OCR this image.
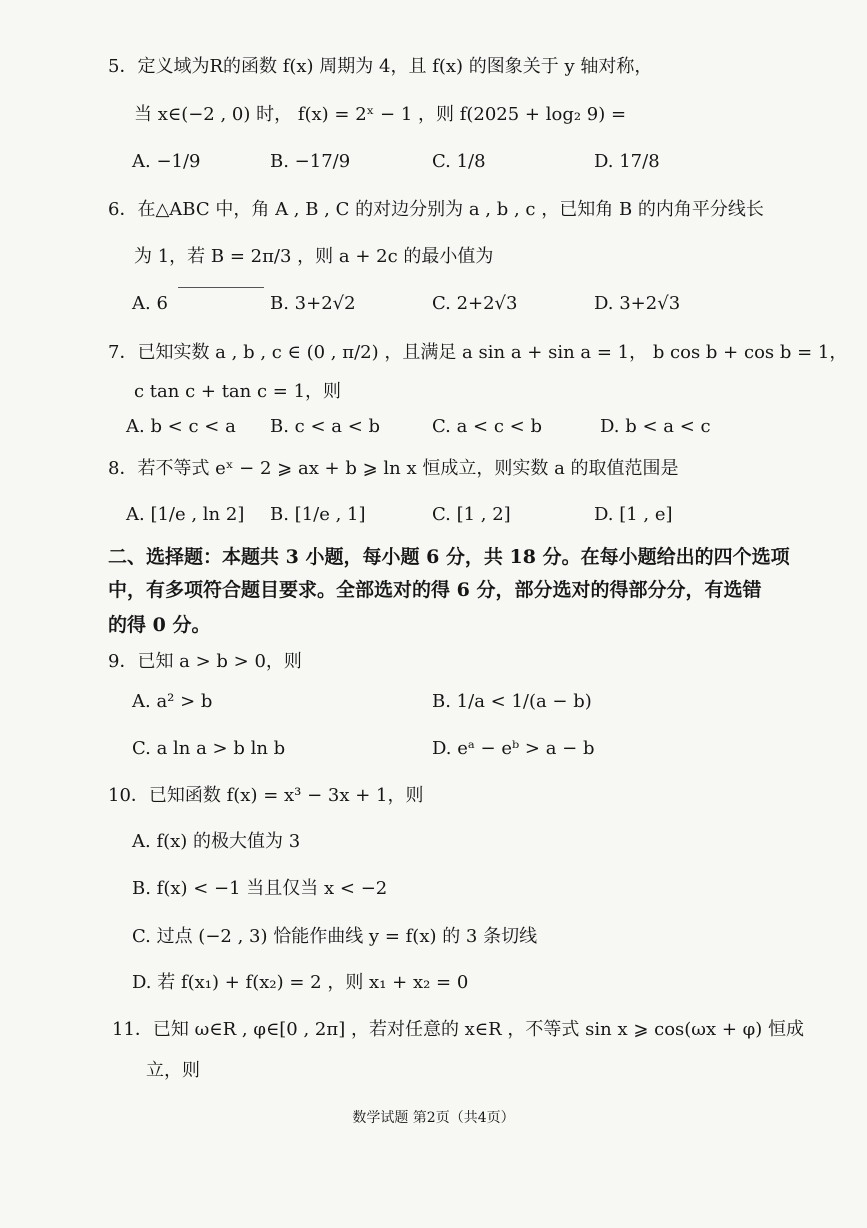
5．定义域为R的函数 f(x) 周期为 4，且 f(x) 的图象关于 y 轴对称，
当 x∈(−2 , 0) 时， f(x) = 2ˣ − 1 ，则 f(2025 + log₂ 9) =
A. −1/9	B. −17/9	C. 1/8	D. 17/8
6．在△ABC 中，角 A , B , C 的对边分别为 a , b , c ，已知角 B 的内角平分线长
为 1，若 B = 2π/3 ，则 a + 2c 的最小值为
A. 6	B. 3+2√2	C. 2+2√3	D. 3+2√3
7．已知实数 a , b , c ∈ (0 , π/2) ，且满足 a sin a + sin a = 1， b cos b + cos b = 1，
c tan c + tan c = 1，则
A. b < c < a B. c < a < b	C. a < c < b	D. b < a < c
8．若不等式 eˣ − 2 ⩾ ax + b ⩾ ln x 恒成立，则实数 a 的取值范围是
A. [1/e , ln 2] B. [1/e , 1]	C. [1 , 2]	D. [1 , e]
二、选择题：本题共 3 小题，每小题 6 分，共 18 分。在每小题给出的四个选项
中，有多项符合题目要求。全部选对的得 6 分，部分选对的得部分分，有选错
的得 0 分。
9．已知 a > b > 0，则
A. a² > b	B. 1/a < 1/(a − b)
C. a ln a > b ln b	D. eᵃ − eᵇ > a − b
10．已知函数 f(x) = x³ − 3x + 1，则
A. f(x) 的极大值为 3
B. f(x) < −1 当且仅当 x < −2
C. 过点 (−2 , 3) 恰能作曲线 y = f(x) 的 3 条切线
D. 若 f(x₁) + f(x₂) = 2 ，则 x₁ + x₂ = 0
11．已知 ω∈R , φ∈[0 , 2π] ，若对任意的 x∈R ，不等式 sin x ⩾ cos(ωx + φ) 恒成
立，则
数学试题 第2页（共4页）
